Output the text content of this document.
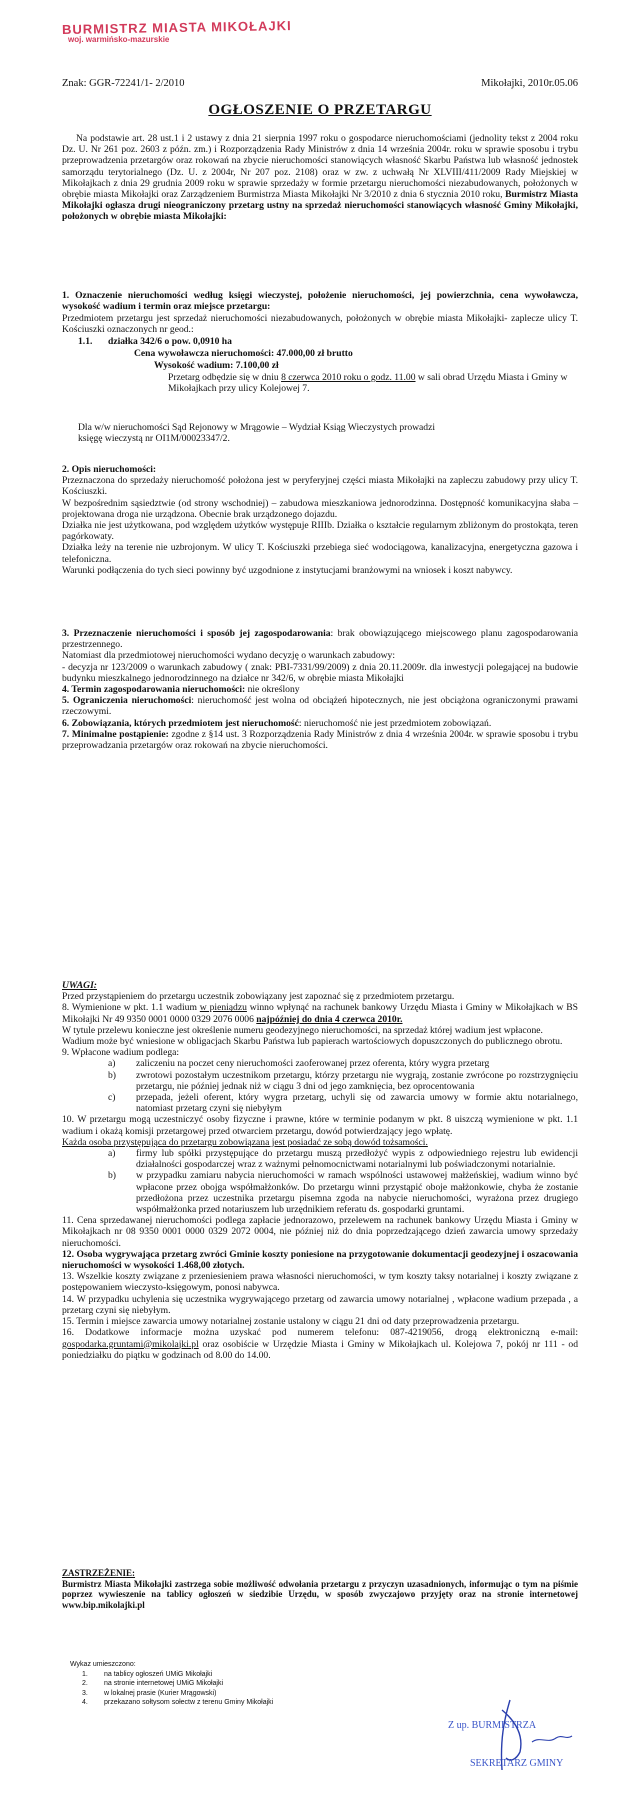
BURMISTRZ MIASTA MIKOŁAJKI
woj. warmińsko-mazurskie
Znak: GGR-72241/1- 2/2010	Mikołajki, 2010r.05.06
OGŁOSZENIE O PRZETARGU
Na podstawie art. 28 ust.1 i 2 ustawy z dnia 21 sierpnia 1997 roku o gospodarce nieruchomościami (jednolity tekst z 2004 roku Dz. U. Nr 261 poz. 2603 z późn. zm.) i Rozporządzenia Rady Ministrów z dnia 14 września 2004r. roku w sprawie sposobu i trybu przeprowadzenia przetargów oraz rokowań na zbycie nieruchomości stanowiących własność Skarbu Państwa lub własność jednostek samorządu terytorialnego (Dz. U. z 2004r, Nr 207 poz. 2108) oraz w zw. z uchwałą Nr XLVIII/411/2009 Rady Miejskiej w Mikołajkach z dnia 29 grudnia 2009 roku w sprawie sprzedaży w formie przetargu nieruchomości niezabudowanych, położonych w obrębie miasta Mikołajki oraz Zarządzeniem Burmistrza Miasta Mikołajki Nr 3/2010 z dnia 6 stycznia 2010 roku, Burmistrz Miasta Mikołajki ogłasza drugi nieograniczony przetarg ustny na sprzedaż nieruchomości stanowiących własność Gminy Mikołajki, położonych w obrębie miasta Mikołajki:
1. Oznaczenie nieruchomości według księgi wieczystej, położenie nieruchomości, jej powierzchnia, cena wywoławcza, wysokość wadium i termin oraz miejsce przetargu:
Przedmiotem przetargu jest sprzedaż nieruchomości niezabudowanych, położonych w obrębie miasta Mikołajki- zaplecze ulicy T. Kościuszki oznaczonych nr geod.:
1.1.	działka 342/6 o pow. 0,0910 ha
Cena wywoławcza nieruchomości: 47.000,00 zł brutto
Wysokość wadium: 7.100,00 zł
Przetarg odbędzie się w dniu 8 czerwca 2010 roku o godz. 11.00 w sali obrad Urzędu Miasta i Gminy w Mikołajkach przy ulicy Kolejowej 7.
Dla w/w nieruchomości Sąd Rejonowy w Mrągowie – Wydział Ksiąg Wieczystych prowadzi księgę wieczystą nr OI1M/00023347/2.
2. Opis nieruchomości:
Przeznaczona do sprzedaży nieruchomość położona jest w peryferyjnej części miasta Mikołajki na zapleczu zabudowy przy ulicy T. Kościuszki.
W bezpośrednim sąsiedztwie (od strony wschodniej) – zabudowa mieszkaniowa jednorodzinna. Dostępność komunikacyjna słaba – projektowana droga nie urządzona. Obecnie brak urządzonego dojazdu.
Działka nie jest użytkowana, pod względem użytków występuje RIIIb. Działka o kształcie regularnym zbliżonym do prostokąta, teren pagórkowaty.
Działka leży na terenie nie uzbrojonym. W ulicy T. Kościuszki przebiega sieć wodociągowa, kanalizacyjna, energetyczna gazowa i telefoniczna.
Warunki podłączenia do tych sieci powinny być uzgodnione z instytucjami branżowymi na wniosek i koszt nabywcy.
3. Przeznaczenie nieruchomości i sposób jej zagospodarowania: brak obowiązującego miejscowego planu zagospodarowania przestrzennego.
Natomiast dla przedmiotowej nieruchomości wydano decyzję o warunkach zabudowy:
- decyzja nr 123/2009 o warunkach zabudowy ( znak: PBI-7331/99/2009) z dnia 20.11.2009r. dla inwestycji polegającej na budowie budynku mieszkalnego jednorodzinnego na działce nr 342/6, w obrębie miasta Mikołajki
4. Termin zagospodarowania nieruchomości: nie określony
5. Ograniczenia nieruchomości: nieruchomość jest wolna od obciążeń hipotecznych, nie jest obciążona ograniczonymi prawami rzeczowymi.
6. Zobowiązania, których przedmiotem jest nieruchomość: nieruchomość nie jest przedmiotem zobowiązań.
7. Minimalne postąpienie: zgodne z §14 ust. 3 Rozporządzenia Rady Ministrów z dnia 4 września 2004r. w sprawie sposobu i trybu przeprowadzania przetargów oraz rokowań na zbycie nieruchomości.
UWAGI:
Przed przystąpieniem do przetargu uczestnik zobowiązany jest zapoznać się z przedmiotem przetargu.
8. Wymienione w pkt. 1.1 wadium w pieniądzu winno wpłynąć na rachunek bankowy Urzędu Miasta i Gminy w Mikołajkach w BS Mikołajki Nr 49 9350 0001 0000 0329 2076 0006 najpóźniej do dnia 4 czerwca 2010r.
W tytule przelewu konieczne jest określenie numeru geodezyjnego nieruchomości, na sprzedaż której wadium jest wpłacone.
Wadium może być wniesione w obligacjach Skarbu Państwa lub papierach wartościowych dopuszczonych do publicznego obrotu.
9. Wpłacone wadium podlega:
a)	zaliczeniu na poczet ceny nieruchomości zaoferowanej przez oferenta, który wygra przetarg
b)	zwrotowi pozostałym uczestnikom przetargu, którzy przetargu nie wygrają, zostanie zwrócone po rozstrzygnięciu przetargu, nie później jednak niż w ciągu 3 dni od jego zamknięcia, bez oprocentowania
c)	przepada, jeżeli oferent, który wygra przetarg, uchyli się od zawarcia umowy w formie aktu notarialnego, natomiast przetarg czyni się niebyłym
10. W przetargu mogą uczestniczyć osoby fizyczne i prawne, które w terminie podanym w pkt. 8 uiszczą wymienione w pkt. 1.1 wadium i okażą komisji przetargowej przed otwarciem przetargu, dowód potwierdzający jego wpłatę.
Każda osoba przystępująca do przetargu zobowiązana jest posiadać ze sobą dowód tożsamości.
a)	firmy lub spółki przystępujące do przetargu muszą przedłożyć wypis z odpowiedniego rejestru lub ewidencji działalności gospodarczej wraz z ważnymi pełnomocnictwami notarialnymi lub poświadczonymi notarialnie.
b)	w przypadku zamiaru nabycia nieruchomości w ramach wspólności ustawowej małżeńskiej, wadium winno być wpłacone przez obojga współmałżonków. Do przetargu winni przystąpić oboje małżonkowie, chyba że zostanie przedłożona przez uczestnika przetargu pisemna zgoda na nabycie nieruchomości, wyrażona przez drugiego współmałżonka przed notariuszem lub urzędnikiem referatu ds. gospodarki gruntami.
11. Cena sprzedawanej nieruchomości podlega zapłacie jednorazowo, przelewem na rachunek bankowy Urzędu Miasta i Gminy w Mikołajkach nr 08 9350 0001 0000 0329 2072 0004, nie później niż do dnia poprzedzającego dzień zawarcia umowy sprzedaży nieruchomości.
12. Osoba wygrywająca przetarg zwróci Gminie koszty poniesione na przygotowanie dokumentacji geodezyjnej i oszacowania nieruchomości w wysokości 1.468,00 złotych.
13. Wszelkie koszty związane z przeniesieniem prawa własności nieruchomości, w tym koszty taksy notarialnej i koszty związane z postępowaniem wieczysto-księgowym, ponosi nabywca.
14. W przypadku uchylenia się uczestnika wygrywającego przetarg od zawarcia umowy notarialnej , wpłacone wadium przepada , a przetarg czyni się niebyłym.
15. Termin i miejsce zawarcia umowy notarialnej zostanie ustalony w ciągu 21 dni od daty przeprowadzenia przetargu.
16. Dodatkowe informacje można uzyskać pod numerem telefonu: 087-4219056, drogą elektroniczną e-mail: gospodarka.gruntami@mikolajki.pl oraz osobiście w Urzędzie Miasta i Gminy w Mikołajkach ul. Kolejowa 7, pokój nr 111 - od poniedziałku do piątku w godzinach od 8.00 do 14.00.
ZASTRZEŻENIE:
Burmistrz Miasta Mikołajki zastrzega sobie możliwość odwołania przetargu z przyczyn uzasadnionych, informując o tym na piśmie poprzez wywieszenie na tablicy ogłoszeń w siedzibie Urzędu, w sposób zwyczajowo przyjęty oraz na stronie internetowej www.bip.mikolajki.pl
Wykaz umieszczono:
1.	na tablicy ogłoszeń UMiG Mikołajki
2.	na stronie internetowej UMiG Mikołajki
3.	w lokalnej prasie (Kurier Mrągowski)
4.	przekazano sołtysom sołectw z terenu Gminy Mikołajki
Z up. BURMISTRZA
SEKRETARZ GMINY
